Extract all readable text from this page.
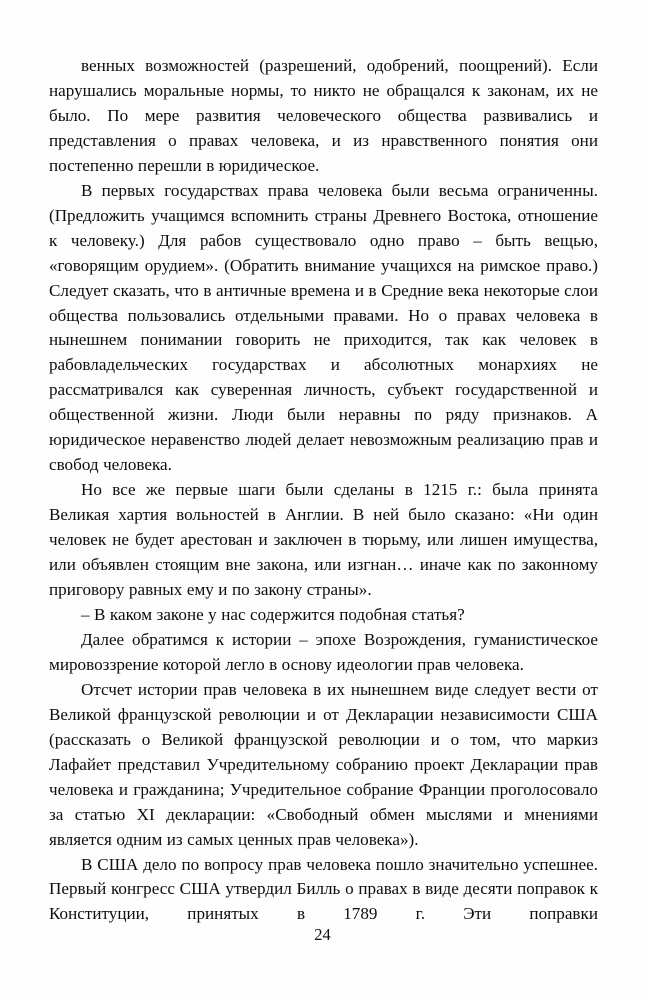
венных возможностей (разрешений, одобрений, поощрений). Если нарушались моральные нормы, то никто не обращался к законам, их не было. По мере развития человеческого общества развивались и представления о правах человека, и из нравственного понятия они постепенно перешли в юридическое.

В первых государствах права человека были весьма ограниченны. (Предложить учащимся вспомнить страны Древнего Востока, отношение к человеку.) Для рабов существовало одно право – быть вещью, «говорящим орудием». (Обратить внимание учащихся на римское право.) Следует сказать, что в античные времена и в Средние века некоторые слои общества пользовались отдельными правами. Но о правах человека в нынешнем понимании говорить не приходится, так как человек в рабовладельческих государствах и абсолютных монархиях не рассматривался как суверенная личность, субъект государственной и общественной жизни. Люди были неравны по ряду признаков. А юридическое неравенство людей делает невозможным реализацию прав и свобод человека.

Но все же первые шаги были сделаны в 1215 г.: была принята Великая хартия вольностей в Англии. В ней было сказано: «Ни один человек не будет арестован и заключен в тюрьму, или лишен имущества, или объявлен стоящим вне закона, или изгнан… иначе как по законному приговору равных ему и по закону страны».

– В каком законе у нас содержится подобная статья?

Далее обратимся к истории – эпохе Возрождения, гуманистическое мировоззрение которой легло в основу идеологии прав человека.

Отсчет истории прав человека в их нынешнем виде следует вести от Великой французской революции и от Декларации независимости США (рассказать о Великой французской революции и о том, что маркиз Лафайет представил Учредительному собранию проект Декларации прав человека и гражданина; Учредительное собрание Франции проголосовало за статью XI декларации: «Свободный обмен мыслями и мнениями является одним из самых ценных прав человека»).

В США дело по вопросу прав человека пошло значительно успешнее. Первый конгресс США утвердил Билль о правах в виде десяти поправок к Конституции, принятых в 1789 г. Эти поправки

24
